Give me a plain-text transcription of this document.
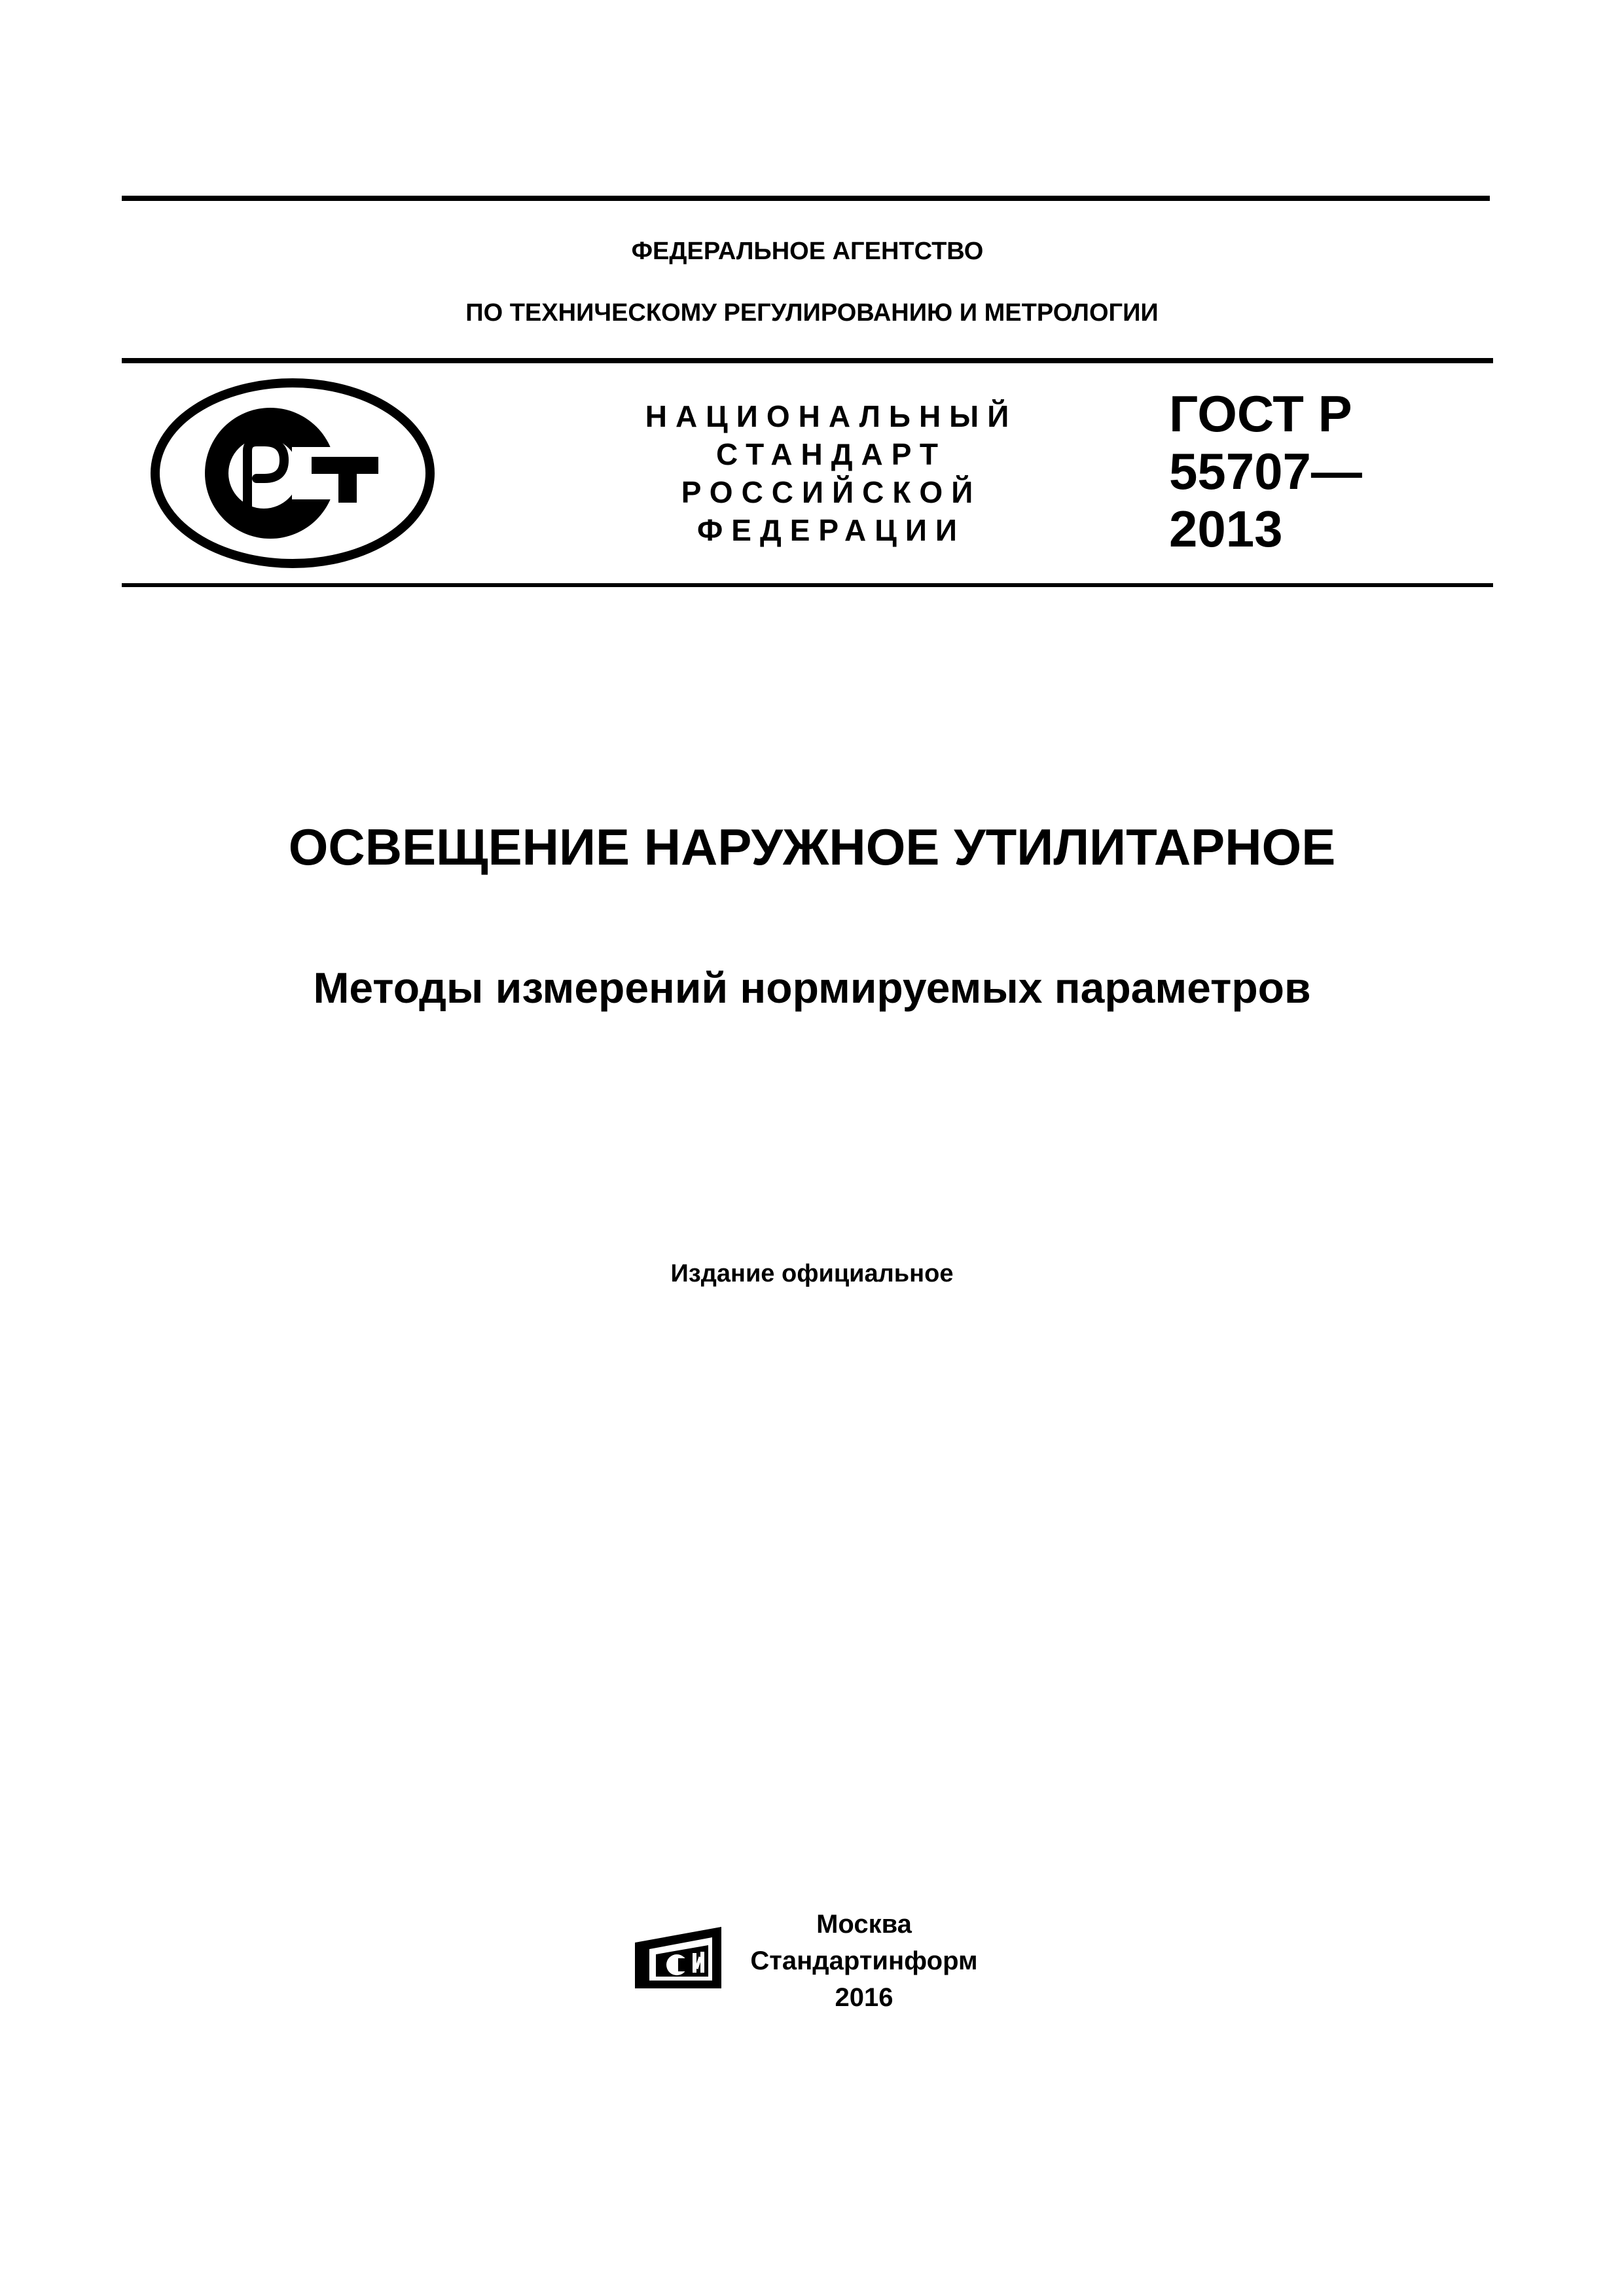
ФЕДЕРАЛЬНОЕ АГЕНТСТВО
ПО ТЕХНИЧЕСКОМУ РЕГУЛИРОВАНИЮ И МЕТРОЛОГИИ
НАЦИОНАЛЬНЫЙ
СТАНДАРТ
РОССИЙСКОЙ
ФЕДЕРАЦИИ
ГОСТ Р
55707—
2013
ОСВЕЩЕНИЕ НАРУЖНОЕ УТИЛИТАРНОЕ
Методы измерений нормируемых параметров
Издание официальное
Москва
Стандартинформ
2016
